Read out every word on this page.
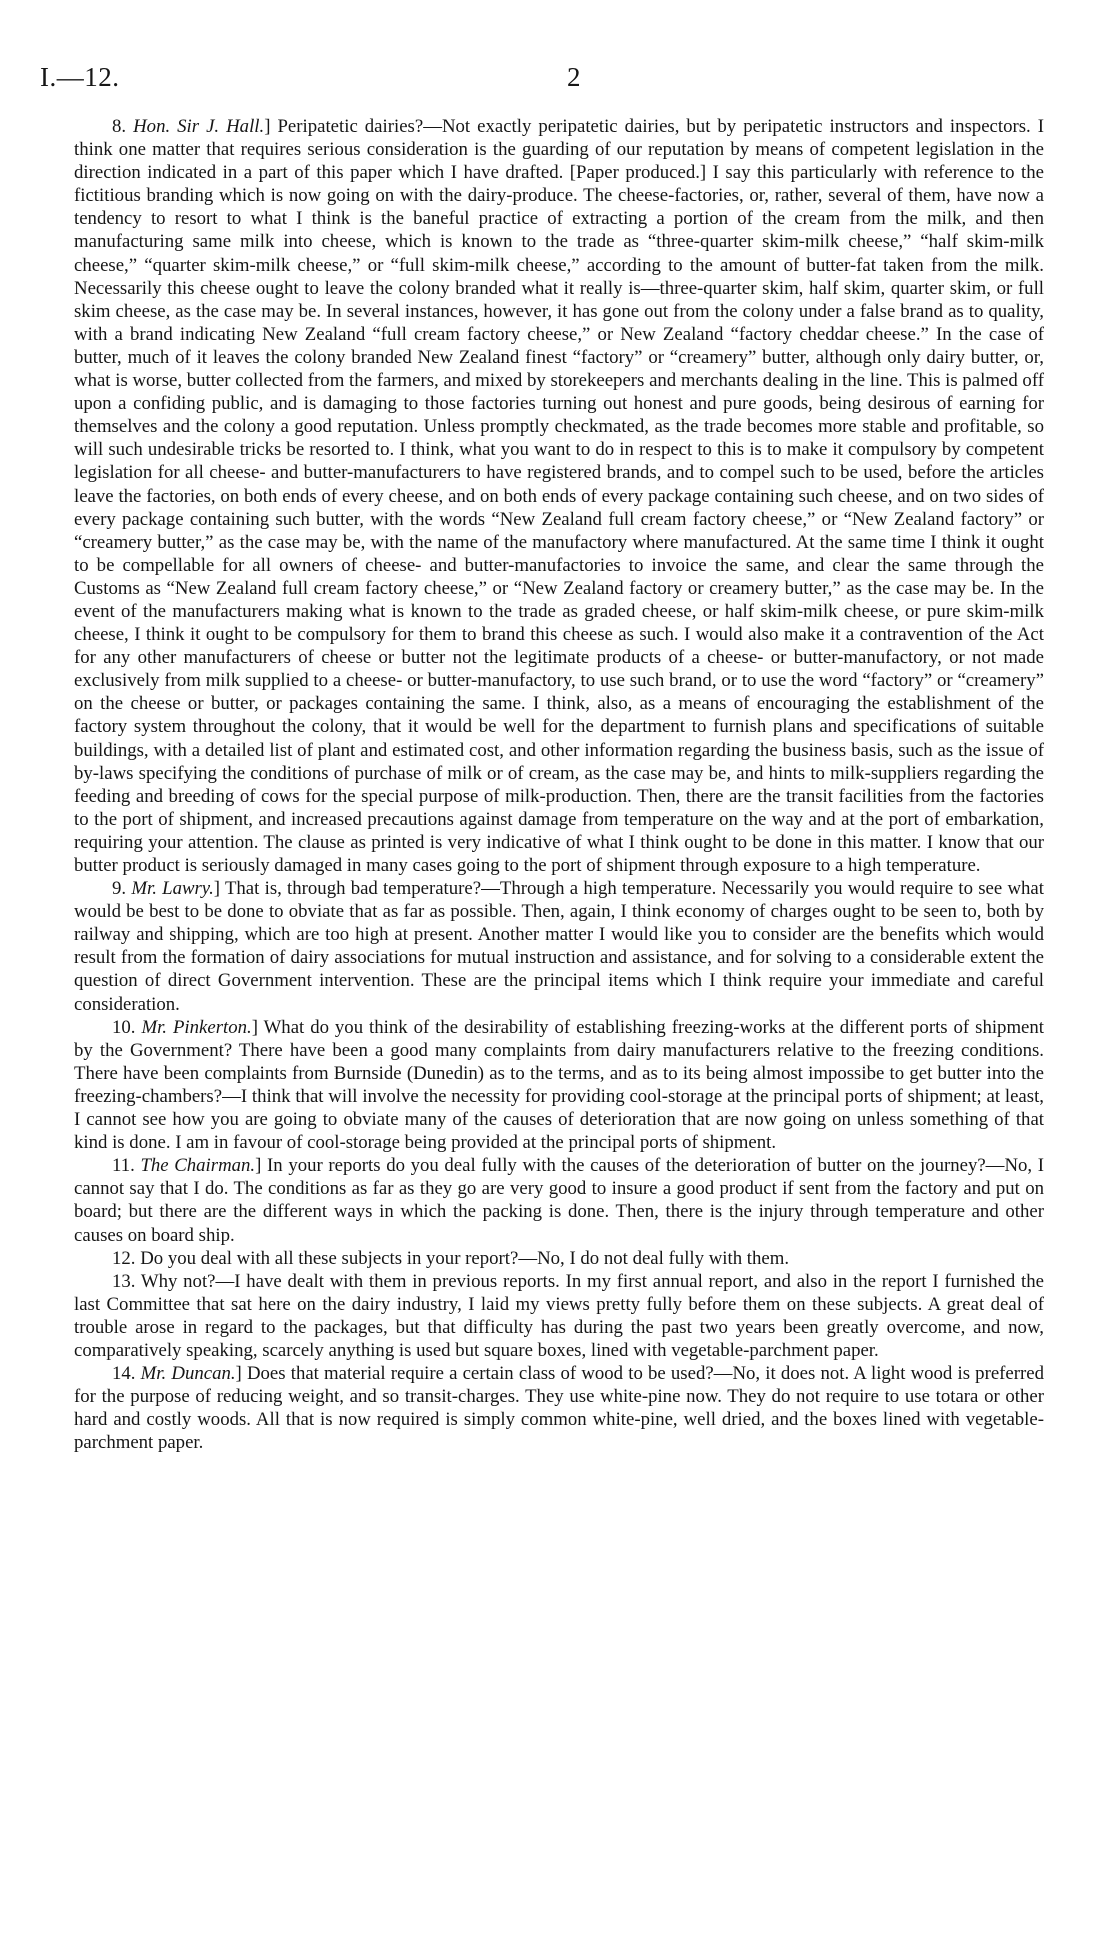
I.—12.	2

8. Hon. Sir J. Hall.] Peripatetic dairies?—Not exactly peripatetic dairies, but by peripatetic instructors and inspectors. I think one matter that requires serious consideration is the guarding of our reputation by means of competent legislation in the direction indicated in a part of this paper which I have drafted. [Paper produced.] I say this particularly with reference to the fictitious branding which is now going on with the dairy-produce. The cheese-factories, or, rather, several of them, have now a tendency to resort to what I think is the baneful practice of extracting a portion of the cream from the milk, and then manufacturing same milk into cheese, which is known to the trade as “three-quarter skim-milk cheese,” “half skim-milk cheese,” “quarter skim-milk cheese,” or “full skim-milk cheese,” according to the amount of butter-fat taken from the milk. Necessarily this cheese ought to leave the colony branded what it really is—three-quarter skim, half skim, quarter skim, or full skim cheese, as the case may be. In several instances, however, it has gone out from the colony under a false brand as to quality, with a brand indicating New Zealand “full cream factory cheese,” or New Zealand “factory cheddar cheese.” In the case of butter, much of it leaves the colony branded New Zealand finest “factory” or “creamery” butter, although only dairy butter, or, what is worse, butter collected from the farmers, and mixed by storekeepers and merchants dealing in the line. This is palmed off upon a confiding public, and is damaging to those factories turning out honest and pure goods, being desirous of earning for themselves and the colony a good reputation. Unless promptly checkmated, as the trade becomes more stable and profitable, so will such undesirable tricks be resorted to. I think, what you want to do in respect to this is to make it compulsory by competent legislation for all cheese- and butter-manufacturers to have registered brands, and to compel such to be used, before the articles leave the factories, on both ends of every cheese, and on both ends of every package containing such cheese, and on two sides of every package containing such butter, with the words “New Zealand full cream factory cheese,” or “New Zealand factory” or “creamery butter,” as the case may be, with the name of the manufactory where manufactured. At the same time I think it ought to be compellable for all owners of cheese- and butter-manufactories to invoice the same, and clear the same through the Customs as “New Zealand full cream factory cheese,” or “New Zealand factory or creamery butter,” as the case may be. In the event of the manufacturers making what is known to the trade as graded cheese, or half skim-milk cheese, or pure skim-milk cheese, I think it ought to be compulsory for them to brand this cheese as such. I would also make it a contravention of the Act for any other manufacturers of cheese or butter not the legitimate products of a cheese- or butter-manufactory, or not made exclusively from milk supplied to a cheese- or butter-manufactory, to use such brand, or to use the word “factory” or “creamery” on the cheese or butter, or packages containing the same. I think, also, as a means of encouraging the establishment of the factory system throughout the colony, that it would be well for the department to furnish plans and specifications of suitable buildings, with a detailed list of plant and estimated cost, and other information regarding the business basis, such as the issue of by-laws specifying the conditions of purchase of milk or of cream, as the case may be, and hints to milk-suppliers regarding the feeding and breeding of cows for the special purpose of milk-production. Then, there are the transit facilities from the factories to the port of shipment, and increased precautions against damage from temperature on the way and at the port of embarkation, requiring your attention. The clause as printed is very indicative of what I think ought to be done in this matter. I know that our butter product is seriously damaged in many cases going to the port of shipment through exposure to a high temperature.

9. Mr. Lawry.] That is, through bad temperature?—Through a high temperature. Necessarily you would require to see what would be best to be done to obviate that as far as possible. Then, again, I think economy of charges ought to be seen to, both by railway and shipping, which are too high at present. Another matter I would like you to consider are the benefits which would result from the formation of dairy associations for mutual instruction and assistance, and for solving to a considerable extent the question of direct Government intervention. These are the principal items which I think require your immediate and careful consideration.

10. Mr. Pinkerton.] What do you think of the desirability of establishing freezing-works at the different ports of shipment by the Government? There have been a good many complaints from dairy manufacturers relative to the freezing conditions. There have been complaints from Burnside (Dunedin) as to the terms, and as to its being almost impossibe to get butter into the freezing-chambers?—I think that will involve the necessity for providing cool-storage at the principal ports of shipment; at least, I cannot see how you are going to obviate many of the causes of deterioration that are now going on unless something of that kind is done. I am in favour of cool-storage being provided at the principal ports of shipment.

11. The Chairman.] In your reports do you deal fully with the causes of the deterioration of butter on the journey?—No, I cannot say that I do. The conditions as far as they go are very good to insure a good product if sent from the factory and put on board; but there are the different ways in which the packing is done. Then, there is the injury through temperature and other causes on board ship.

12. Do you deal with all these subjects in your report?—No, I do not deal fully with them.

13. Why not?—I have dealt with them in previous reports. In my first annual report, and also in the report I furnished the last Committee that sat here on the dairy industry, I laid my views pretty fully before them on these subjects. A great deal of trouble arose in regard to the packages, but that difficulty has during the past two years been greatly overcome, and now, comparatively speaking, scarcely anything is used but square boxes, lined with vegetable-parchment paper.

14. Mr. Duncan.] Does that material require a certain class of wood to be used?—No, it does not. A light wood is preferred for the purpose of reducing weight, and so transit-charges. They use white-pine now. They do not require to use totara or other hard and costly woods. All that is now required is simply common white-pine, well dried, and the boxes lined with vegetable-parchment paper.
